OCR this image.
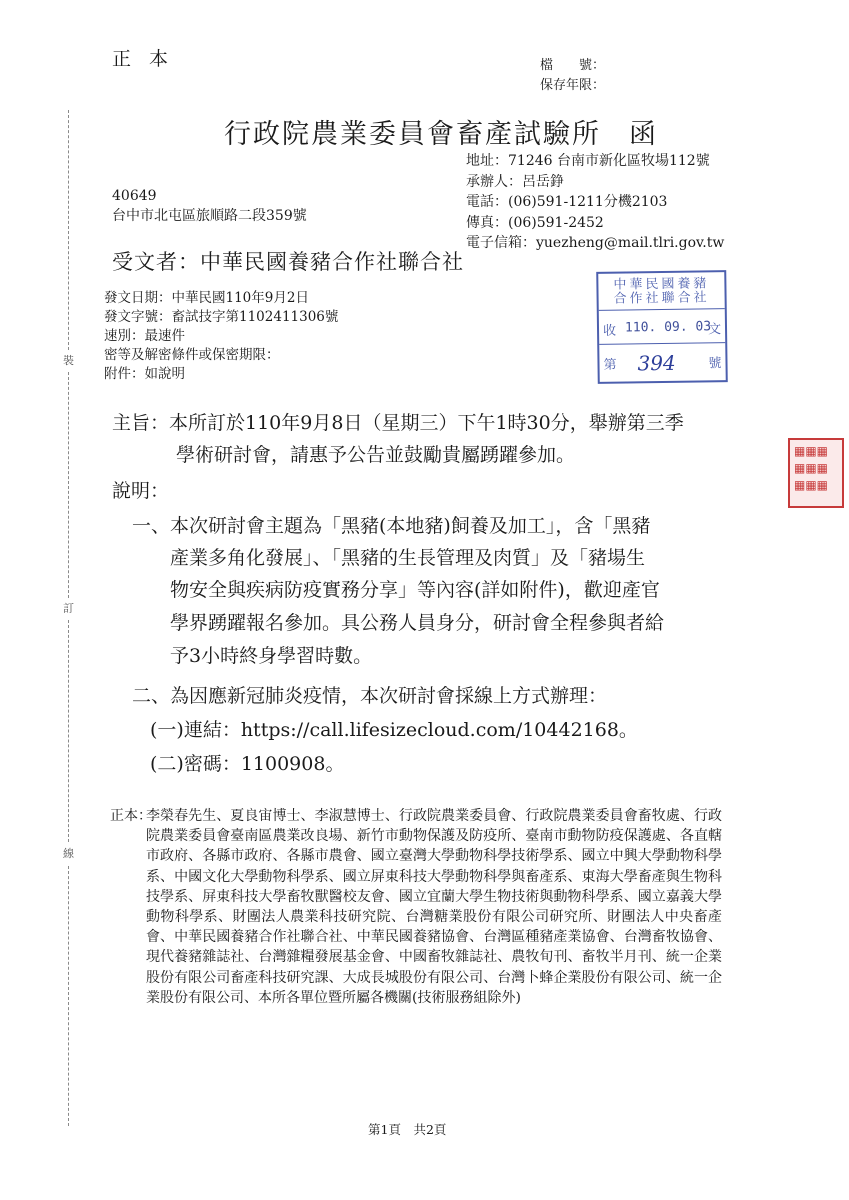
裝
訂
線
正本	檔　　號：
保存年限：
行政院農業委員會畜產試驗所 函
地址：71246 台南市新化區牧場112號
承辦人：呂岳錚
電話：(06)591-1211分機2103
傳真：(06)591-2452
電子信箱：yuezheng@mail.tlri.gov.tw
40649
台中市北屯區旅順路二段359號
受文者：中華民國養豬合作社聯合社
發文日期：中華民國110年9月2日
發文字號：畜試技字第1102411306號
速別：最速件
密等及解密條件或保密期限：
附件：如說明
中華民國養豬
合作社聯合社
收 110. 09. 03
文
第 394	號
▦▦▦
▦▦▦
▦▦▦
主旨：本所訂於110年9月8日（星期三）下午1時30分，舉辦第三季
學術研討會，請惠予公告並鼓勵貴屬踴躍參加。
說明：
一、本次研討會主題為「黑豬(本地豬)飼養及加工」，含「黑豬
產業多角化發展」、「黑豬的生長管理及肉質」及「豬場生
物安全與疾病防疫實務分享」等內容(詳如附件)，歡迎產官
學界踴躍報名參加。具公務人員身分，研討會全程參與者給
予3小時終身學習時數。
二、為因應新冠肺炎疫情，本次研討會採線上方式辦理：
(一)連結：https://call.lifesizecloud.com/10442168。
(二)密碼：1100908。
正本：
李榮春先生、夏良宙博士、李淑慧博士、行政院農業委員會、行政院農業委員會畜牧處、行政院農業委員會臺南區農業改良場、新竹市動物保護及防疫所、臺南市動物防疫保護處、各直轄市政府、各縣市政府、各縣市農會、國立臺灣大學動物科學技術學系、國立中興大學動物科學系、中國文化大學動物科學系、國立屏東科技大學動物科學與畜產系、東海大學畜產與生物科技學系、屏東科技大學畜牧獸醫校友會、國立宜蘭大學生物技術與動物科學系、國立嘉義大學動物科學系、財團法人農業科技研究院、台灣糖業股份有限公司研究所、財團法人中央畜產會、中華民國養豬合作社聯合社、中華民國養豬協會、台灣區種豬產業協會、台灣畜牧協會、現代養豬雜誌社、台灣雜糧發展基金會、中國畜牧雜誌社、農牧旬刊、畜牧半月刊、統一企業股份有限公司畜產科技研究課、大成長城股份有限公司、台灣卜蜂企業股份有限公司、統一企業股份有限公司、本所各單位暨所屬各機關(技術服務組除外)
第1頁　共2頁
